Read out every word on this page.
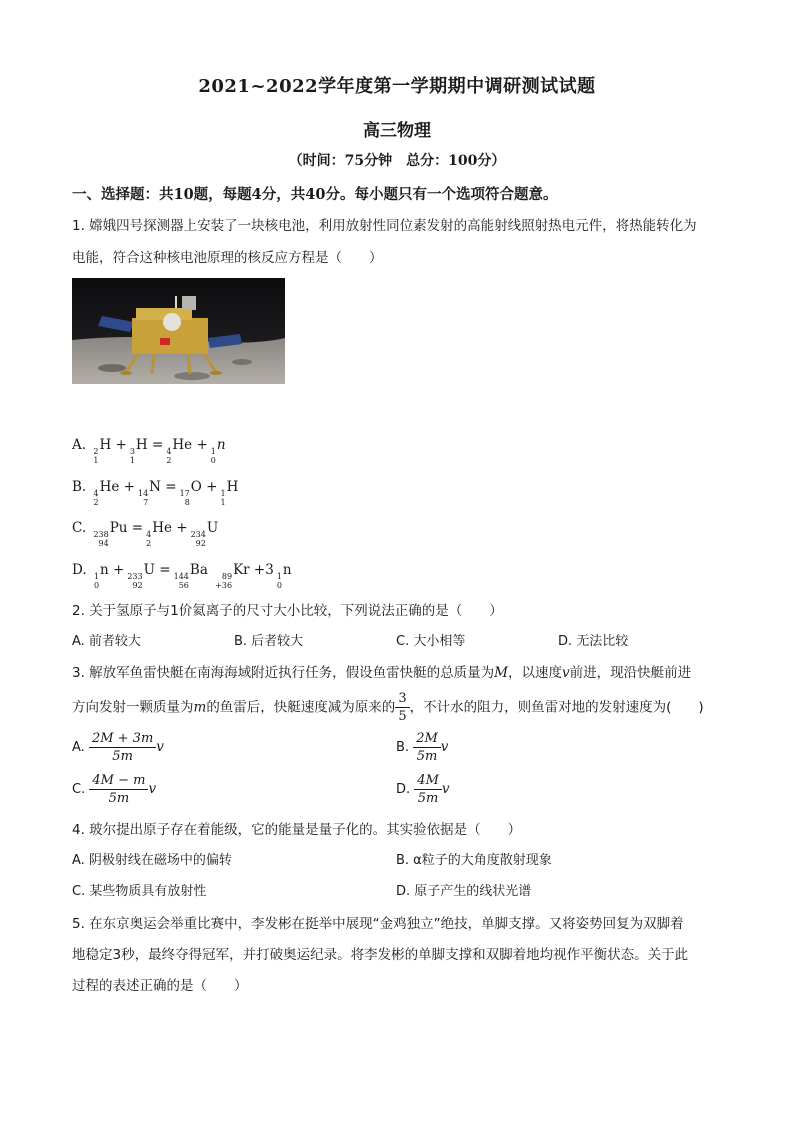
2021~2022学年度第一学期期中调研测试试题
高三物理
（时间：75分钟　总分：100分）
一、选择题：共10题，每题4分，共40分。每小题只有一个选项符合题意。
1. 嫦娥四号探测器上安装了一块核电池，利用放射性同位素发射的高能射线照射热电元件，将热能转化为
电能，符合这种核电池原理的核反应方程是（　　）
A. 2
1
H + 3
1
H = 4
2
He + 1
0
n
B. 4
2
He + 14
7
N = 17
8
O + 1
1
H
C. 238
94
Pu = 4
2
He + 234
92
U
D. 1
0
n + 233
92
U = 144
56
Ba	89
+36
Kr +3 1
0
n
2. 关于氢原子与1价氦离子的尺寸大小比较，下列说法正确的是（　　）
A. 前者较大	B. 后者较大	C. 大小相等	D. 无法比较
3. 解放军鱼雷快艇在南海海域附近执行任务，假设鱼雷快艇的总质量为M，以速度v前进，现沿快艇前进
方向发射一颗质量为m的鱼雷后，快艇速度减为原来的 $\frac{3}{5}$ ，不计水的阻力，则鱼雷对地的发射速度为(　　)
A. $\frac{2M + 3m}{5m}$ v	B. $\frac{2M}{5m}$ v
C. $\frac{4M - m}{5m}$ v	D. $\frac{4M}{5m}$ v
4. 玻尔提出原子存在着能级，它的能量是量子化的。其实验依据是（　　）
A. 阴极射线在磁场中的偏转	B. α粒子的大角度散射现象
C. 某些物质具有放射性	D. 原子产生的线状光谱
5. 在东京奥运会举重比赛中，李发彬在挺举中展现“金鸡独立”绝技，单脚支撑。又将姿势回复为双脚着
地稳定3秒，最终夺得冠军，并打破奥运纪录。将李发彬的单脚支撑和双脚着地均视作平衡状态。关于此
过程的表述正确的是（　　）
